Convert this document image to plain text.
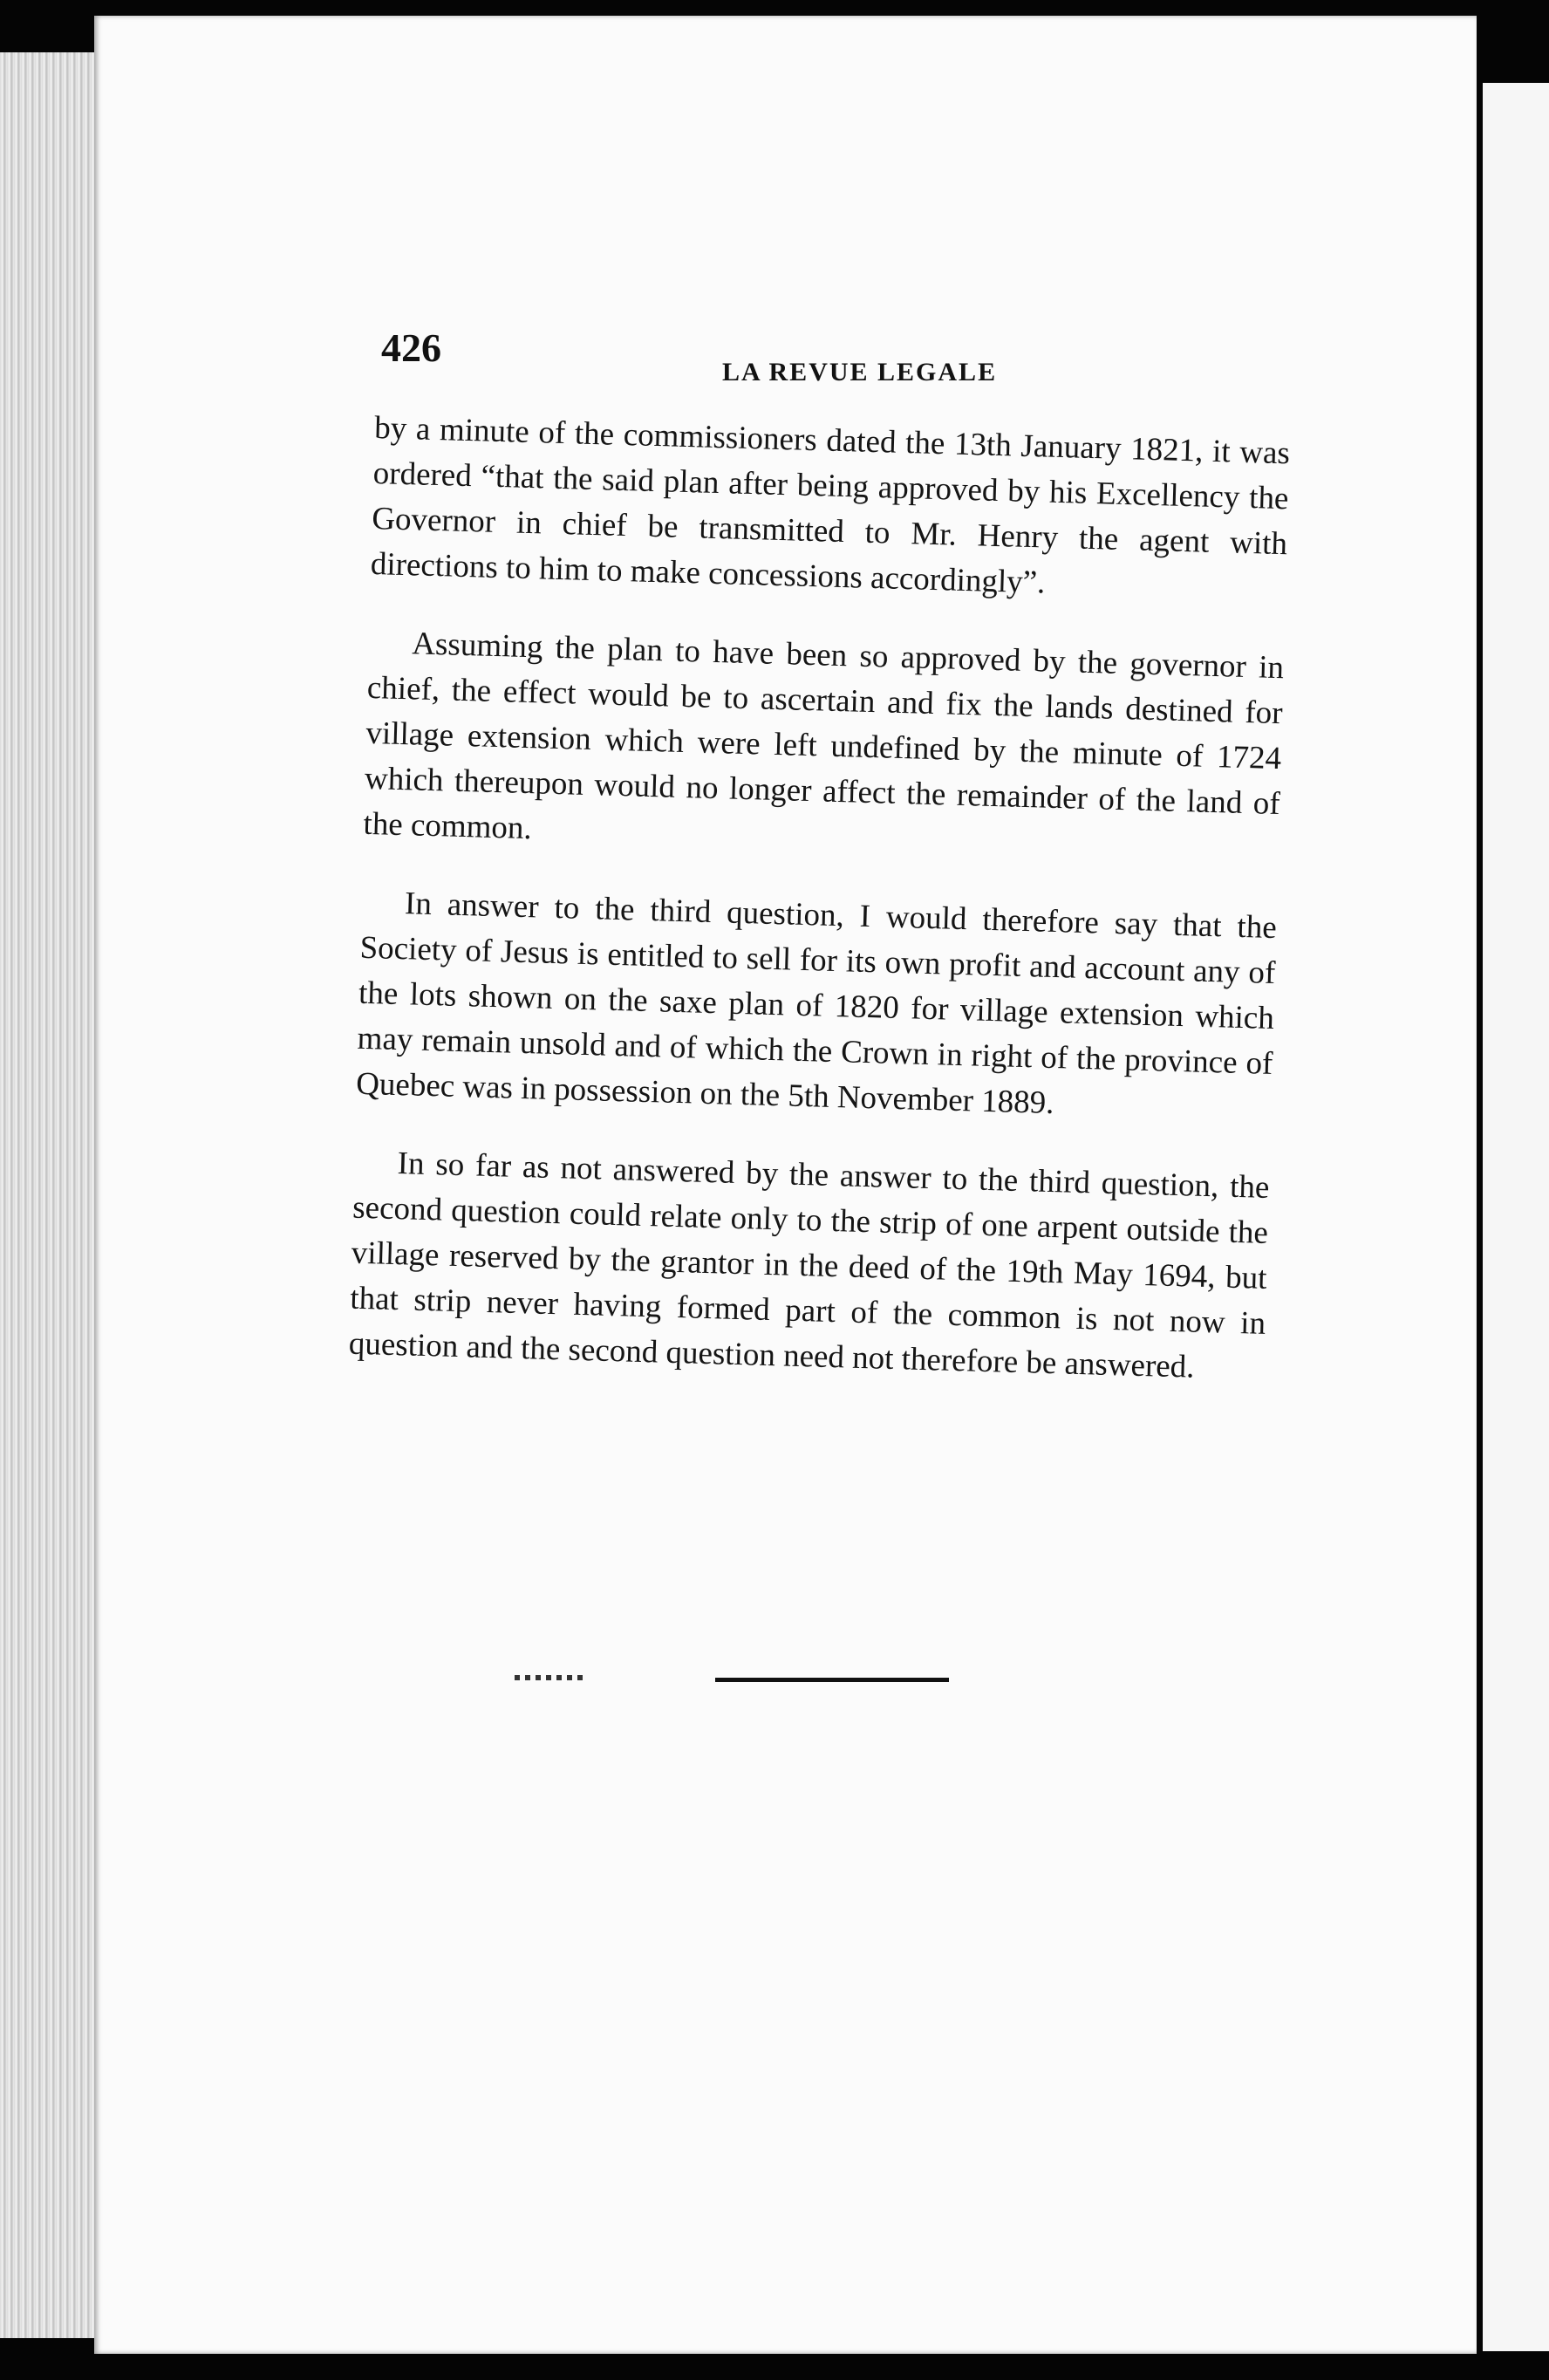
426
LA REVUE LEGALE

by a minute of the commissioners dated the 13th January 1821, it was ordered “that the said plan after being approved by his Excellency the Governor in chief be transmitted to Mr. Henry the agent with directions to him to make concessions accordingly”.

Assuming the plan to have been so approved by the governor in chief, the effect would be to ascertain and fix the lands destined for village extension which were left undefined by the minute of 1724 which thereupon would no longer affect the remainder of the land of the common.

In answer to the third question, I would therefore say that the Society of Jesus is entitled to sell for its own profit and account any of the lots shown on the saxe plan of 1820 for village extension which may remain unsold and of which the Crown in right of the province of Quebec was in possession on the 5th November 1889.

In so far as not answered by the answer to the third question, the second question could relate only to the strip of one arpent outside the village reserved by the grantor in the deed of the 19th May 1694, but that strip never having formed part of the common is not now in question and the second question need not therefore be answered.
